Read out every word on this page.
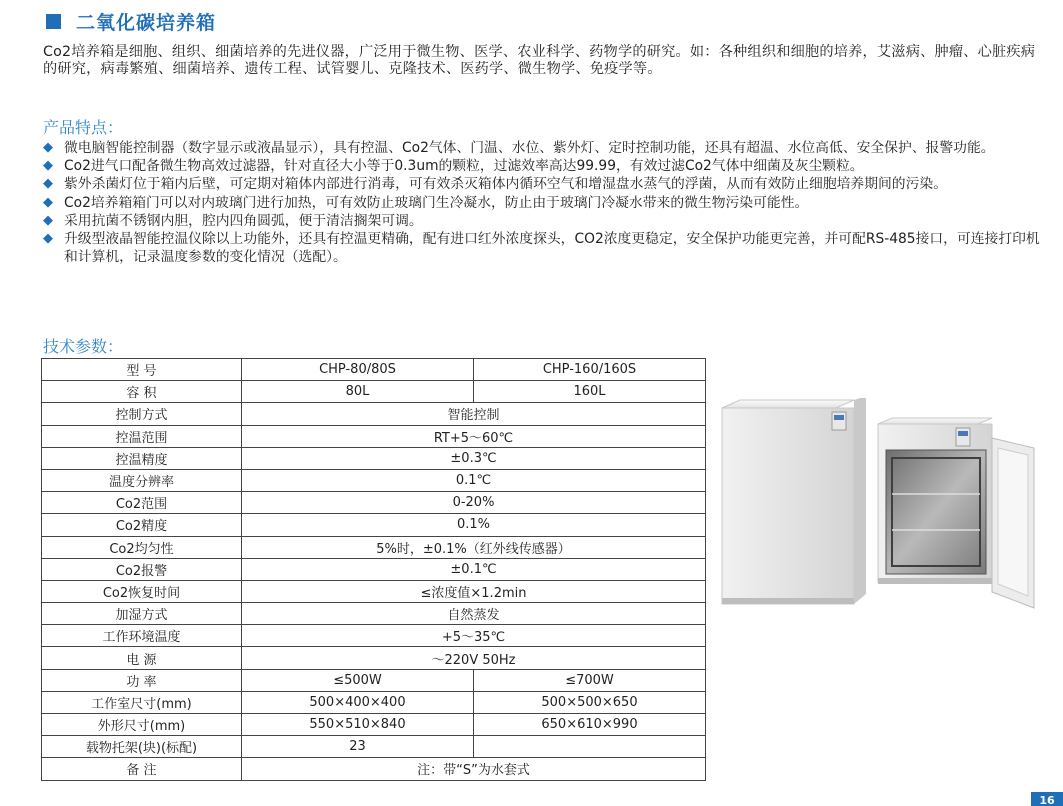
二氧化碳培养箱
Co2培养箱是细胞、组织、细菌培养的先进仪器，广泛用于微生物、医学、农业科学、药物学的研究。如：各种组织和细胞的培养，艾滋病、肿瘤、心脏疾病的研究，病毒繁殖、细菌培养、遗传工程、试管婴儿、克隆技术、医药学、微生物学、免疫学等。
产品特点：
◆ 微电脑智能控制器（数字显示或液晶显示），具有控温、Co2气体、门温、水位、紫外灯、定时控制功能，还具有超温、水位高低、安全保护、报警功能。
◆ Co2进气口配备微生物高效过滤器，针对直径大小等于0.3um的颗粒，过滤效率高达99.99，有效过滤Co2气体中细菌及灰尘颗粒。
◆ 紫外杀菌灯位于箱内后壁，可定期对箱体内部进行消毒，可有效杀灭箱体内循环空气和增湿盘水蒸气的浮菌，从而有效防止细胞培养期间的污染。
◆ Co2培养箱箱门可以对内玻璃门进行加热，可有效防止玻璃门生冷凝水，防止由于玻璃门冷凝水带来的微生物污染可能性。
◆ 采用抗菌不锈钢内胆，腔内四角圆弧，便于清洁搁架可调。
◆ 升级型液晶智能控温仪除以上功能外，还具有控温更精确，配有进口红外浓度探头，CO2浓度更稳定，安全保护功能更完善，并可配RS-485接口，可连接打印机和计算机，记录温度参数的变化情况（选配）。
技术参数：
型 号	CHP-80/80S	CHP-160/160S
容 积	80L	160L
控制方式	智能控制	
控温范围	RT+5～60℃	
控温精度	±0.3℃	
温度分辨率	0.1℃	
Co2范围	0-20%	
Co2精度	0.1%	
Co2均匀性	5%时，±0.1%（红外线传感器）	
Co2报警	±0.1℃	
Co2恢复时间	≤浓度值×1.2min	
加湿方式	自然蒸发	
工作环境温度	+5～35℃	
电 源	～220V 50Hz	
功 率	≤500W	≤700W
工作室尺寸(mm)	500×400×400	500×500×650
外形尺寸(mm)	550×510×840	650×610×990
载物托架(块)(标配)	23	
备 注	注：带“S”为水套式	
16
